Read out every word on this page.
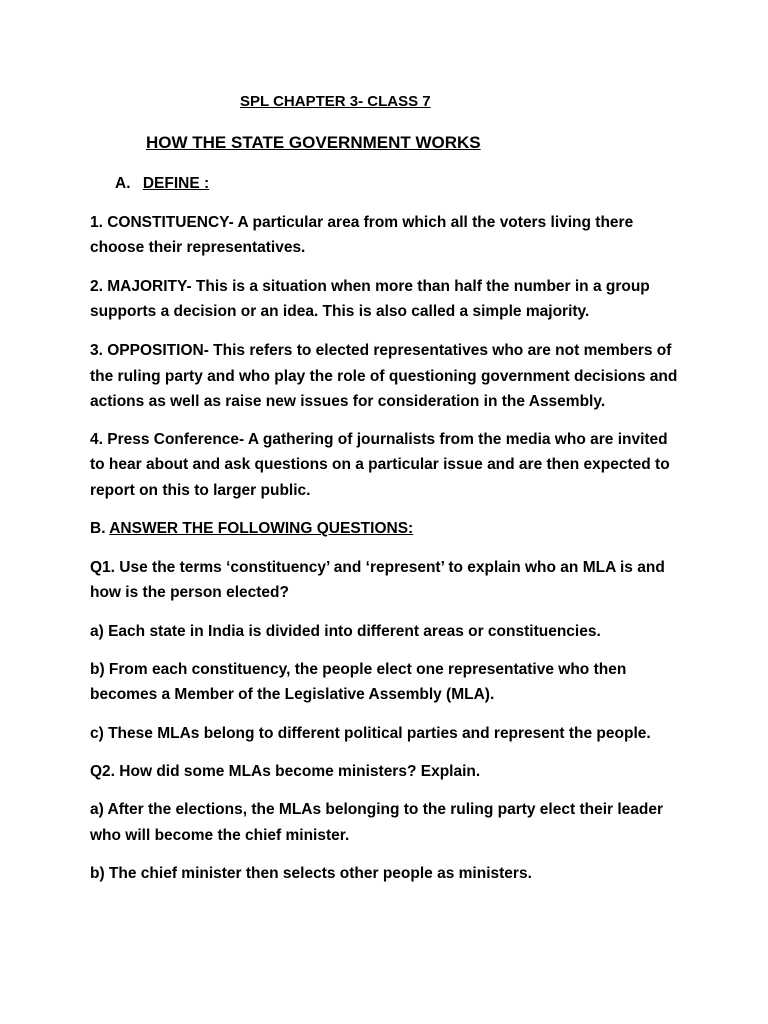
SPL CHAPTER 3- CLASS 7
HOW THE STATE GOVERNMENT WORKS
A. DEFINE :
1. CONSTITUENCY- A particular area from which all the voters living there
choose their representatives.
2. MAJORITY- This is a situation when more than half the number in a group
supports a decision or an idea. This is also called a simple majority.
3. OPPOSITION- This refers to elected representatives who are not members of
the ruling party and who play the role of questioning government decisions and
actions as well as raise new issues for consideration in the Assembly.
4. Press Conference- A gathering of journalists from the media who are invited
to hear about and ask questions on a particular issue and are then expected to
report on this to larger public.
B. ANSWER THE FOLLOWING QUESTIONS:
Q1. Use the terms ‘constituency’ and ‘represent’ to explain who an MLA is and
how is the person elected?
a) Each state in India is divided into different areas or constituencies.
b) From each constituency, the people elect one representative who then
becomes a Member of the Legislative Assembly (MLA).
c) These MLAs belong to different political parties and represent the people.
Q2. How did some MLAs become ministers? Explain.
a) After the elections, the MLAs belonging to the ruling party elect their leader
who will become the chief minister.
b) The chief minister then selects other people as ministers.
